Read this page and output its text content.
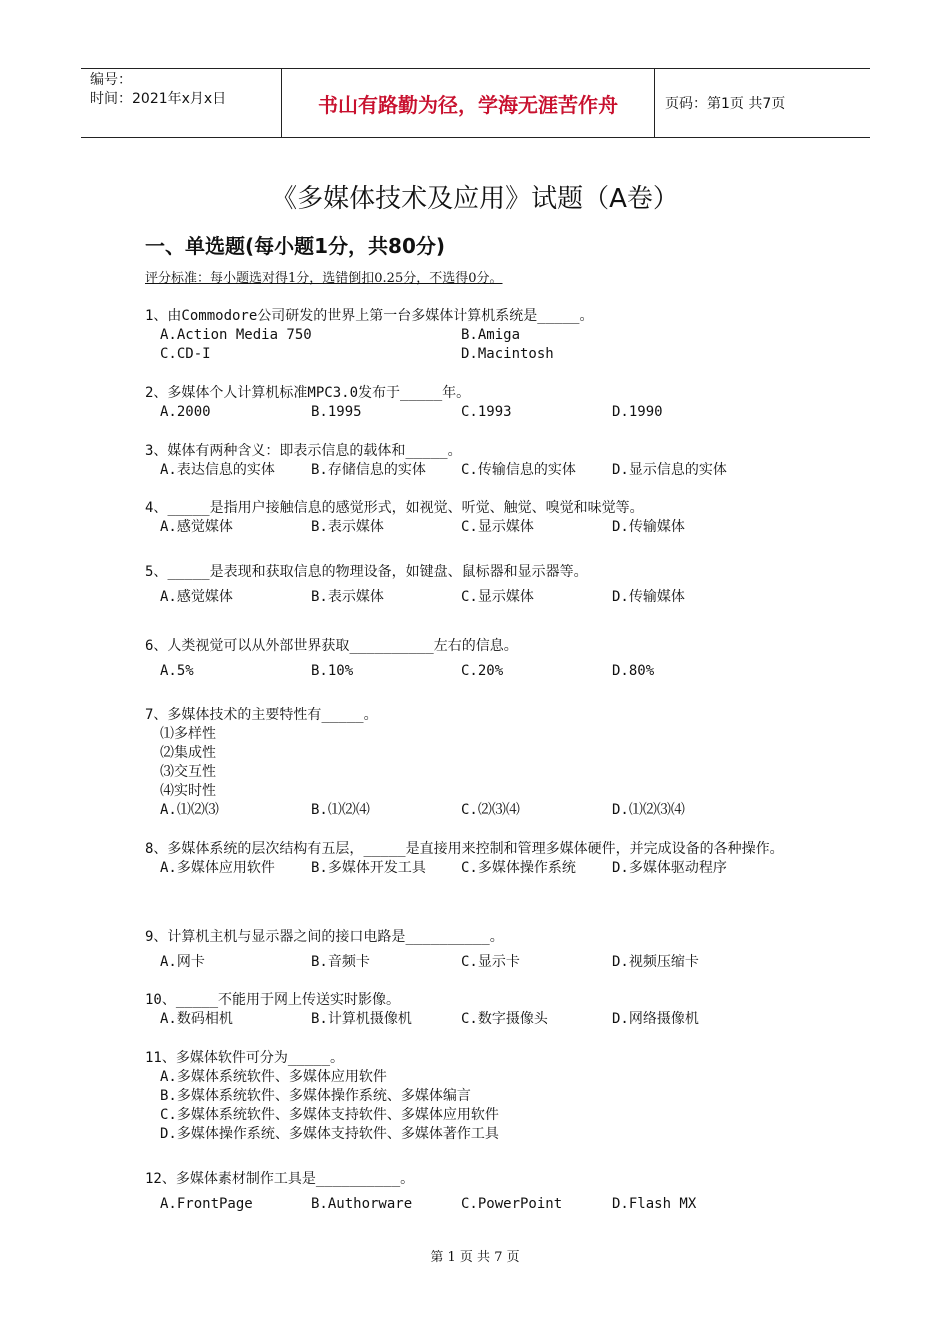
编号：
时间：2021年x月x日	书山有路勤为径，学海无涯苦作舟	页码：第1页 共7页
《多媒体技术及应用》试题（A卷）
一、单选题(每小题1分，共80分)
评分标准：每小题选对得1分，选错倒扣0.25分，不选得0分。
1、由Commodore公司研发的世界上第一台多媒体计算机系统是_____。
A.Action Media 750	B.Amiga
C.CD-I	D.Macintosh
2、多媒体个人计算机标准MPC3.0发布于_____年。
A.2000	B.1995	C.1993	D.1990
3、媒体有两种含义：即表示信息的载体和_____。
A.表达信息的实体	B.存储信息的实体	C.传输信息的实体	D.显示信息的实体
4、_____是指用户接触信息的感觉形式，如视觉、听觉、触觉、嗅觉和味觉等。
A.感觉媒体	B.表示媒体	C.显示媒体	D.传输媒体
5、_____是表现和获取信息的物理设备，如键盘、鼠标器和显示器等。
A.感觉媒体	B.表示媒体	C.显示媒体	D.传输媒体
6、人类视觉可以从外部世界获取__________左右的信息。
A.5%	B.10%	C.20%	D.80%
7、多媒体技术的主要特性有_____。
⑴多样性
⑵集成性
⑶交互性
⑷实时性
A.⑴⑵⑶	B.⑴⑵⑷	C.⑵⑶⑷	D.⑴⑵⑶⑷
8、多媒体系统的层次结构有五层，_____是直接用来控制和管理多媒体硬件，并完成设备的各种操作。
A.多媒体应用软件	B.多媒体开发工具	C.多媒体操作系统	D.多媒体驱动程序
9、计算机主机与显示器之间的接口电路是__________。
A.网卡	B.音频卡	C.显示卡	D.视频压缩卡
10、_____不能用于网上传送实时影像。
A.数码相机	B.计算机摄像机	C.数字摄像头	D.网络摄像机
11、多媒体软件可分为_____。
A.多媒体系统软件、多媒体应用软件
B.多媒体系统软件、多媒体操作系统、多媒体编言
C.多媒体系统软件、多媒体支持软件、多媒体应用软件
D.多媒体操作系统、多媒体支持软件、多媒体著作工具
12、多媒体素材制作工具是__________。
A.FrontPage	B.Authorware	C.PowerPoint	D.Flash MX
第 1 页 共 7 页
